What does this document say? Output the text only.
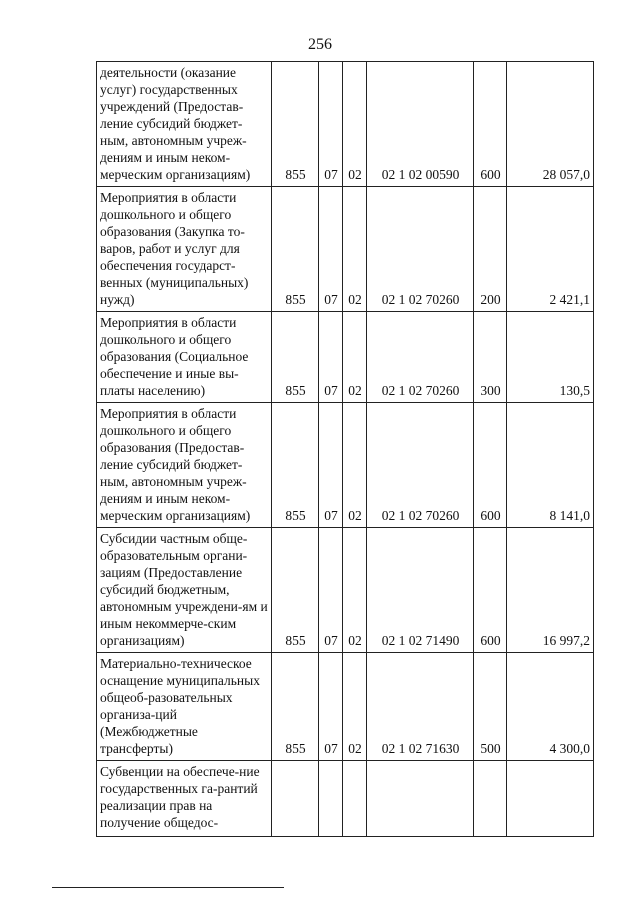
256
деятельности (оказание услуг) государственных учреждений (Предостав-ление субсидий бюджет-ным, автономным учреж-дениям и иным неком-мерческим организациям)	855	07	02	02 1 02 00590	600	28 057,0
Мероприятия в области дошкольного и общего образования (Закупка то-варов, работ и услуг для обеспечения государст-венных (муниципальных) нужд)	855	07	02	02 1 02 70260	200	2 421,1
Мероприятия в области дошкольного и общего образования (Социальное обеспечение и иные вы-платы населению)	855	07	02	02 1 02 70260	300	130,5
Мероприятия в области дошкольного и общего образования (Предостав-ление субсидий бюджет-ным, автономным учреж-дениям и иным неком-мерческим организациям)	855	07	02	02 1 02 70260	600	8 141,0
Субсидии частным обще-образовательным органи-зациям (Предоставление субсидий бюджетным, автономным учреждени-ям и иным некоммерче-ским организациям)	855	07	02	02 1 02 71490	600	16 997,2
Материально-техническое оснащение муниципальных общеоб-разовательных организа-ций (Межбюджетные трансферты)	855	07	02	02 1 02 71630	500	4 300,0
Субвенции на обеспече-ние государственных га-рантий реализации прав на получение общедос-						
